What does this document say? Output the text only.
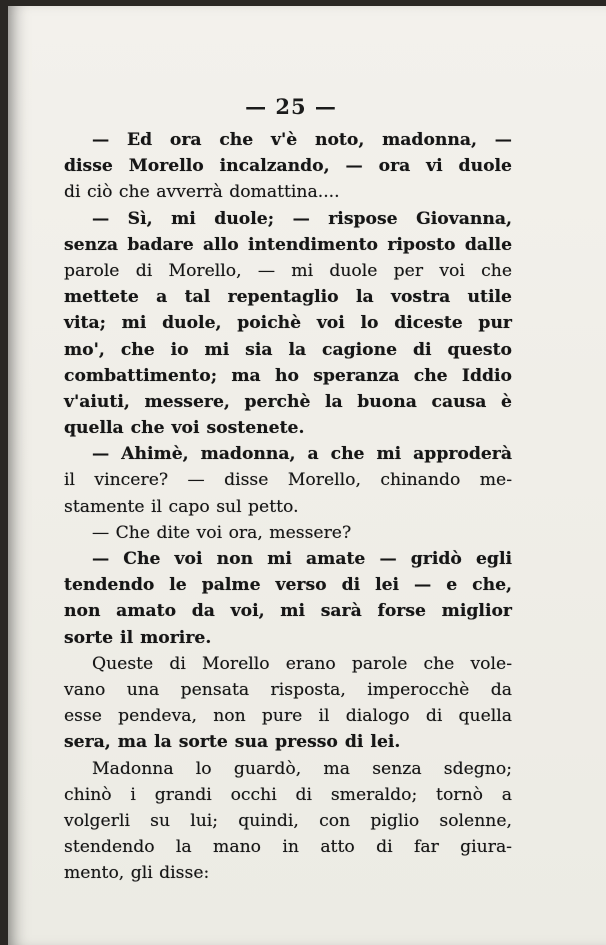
— 25 —
— Ed ora che v'è noto, madonna, —
disse Morello incalzando, — ora vi duole
di ciò che avverrà domattina....
— Sì, mi duole; — rispose Giovanna,
senza badare allo intendimento riposto dalle
parole di Morello, — mi duole per voi che
mettete a tal repentaglio la vostra utile
vita; mi duole, poichè voi lo diceste pur
mo', che io mi sia la cagione di questo
combattimento; ma ho speranza che Iddio
v'aiuti, messere, perchè la buona causa è
quella che voi sostenete.
— Ahimè, madonna, a che mi approderà
il vincere? — disse Morello, chinando me-
stamente il capo sul petto.
— Che dite voi ora, messere?
— Che voi non mi amate — gridò egli
tendendo le palme verso di lei — e che,
non amato da voi, mi sarà forse miglior
sorte il morire.
Queste di Morello erano parole che vole-
vano una pensata risposta, imperocchè da
esse pendeva, non pure il dialogo di quella
sera, ma la sorte sua presso di lei.
Madonna lo guardò, ma senza sdegno;
chinò i grandi occhi di smeraldo; tornò a
volgerli su lui; quindi, con piglio solenne,
stendendo la mano in atto di far giura-
mento, gli disse:
